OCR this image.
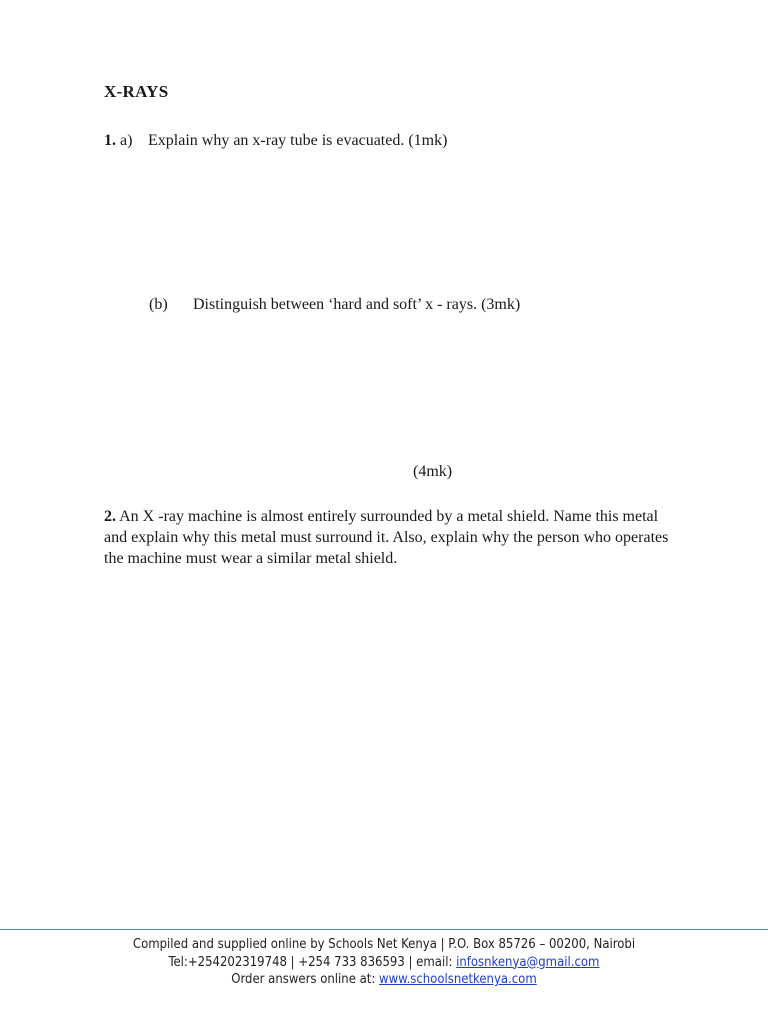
X-RAYS
1. a) Explain why an x-ray tube is evacuated. (1mk)
(b) Distinguish between ‘hard and soft’ x - rays. (3mk)
(4mk)
2. An X -ray machine is almost entirely surrounded by a metal shield. Name this metal and explain why this metal must surround it. Also, explain why the person who operates the machine must wear a similar metal shield.
Compiled and supplied online by Schools Net Kenya | P.O. Box 85726 – 00200, Nairobi
Tel:+254202319748 | +254 733 836593 | email: infosnkenya@gmail.com
Order answers online at: www.schoolsnetkenya.com
